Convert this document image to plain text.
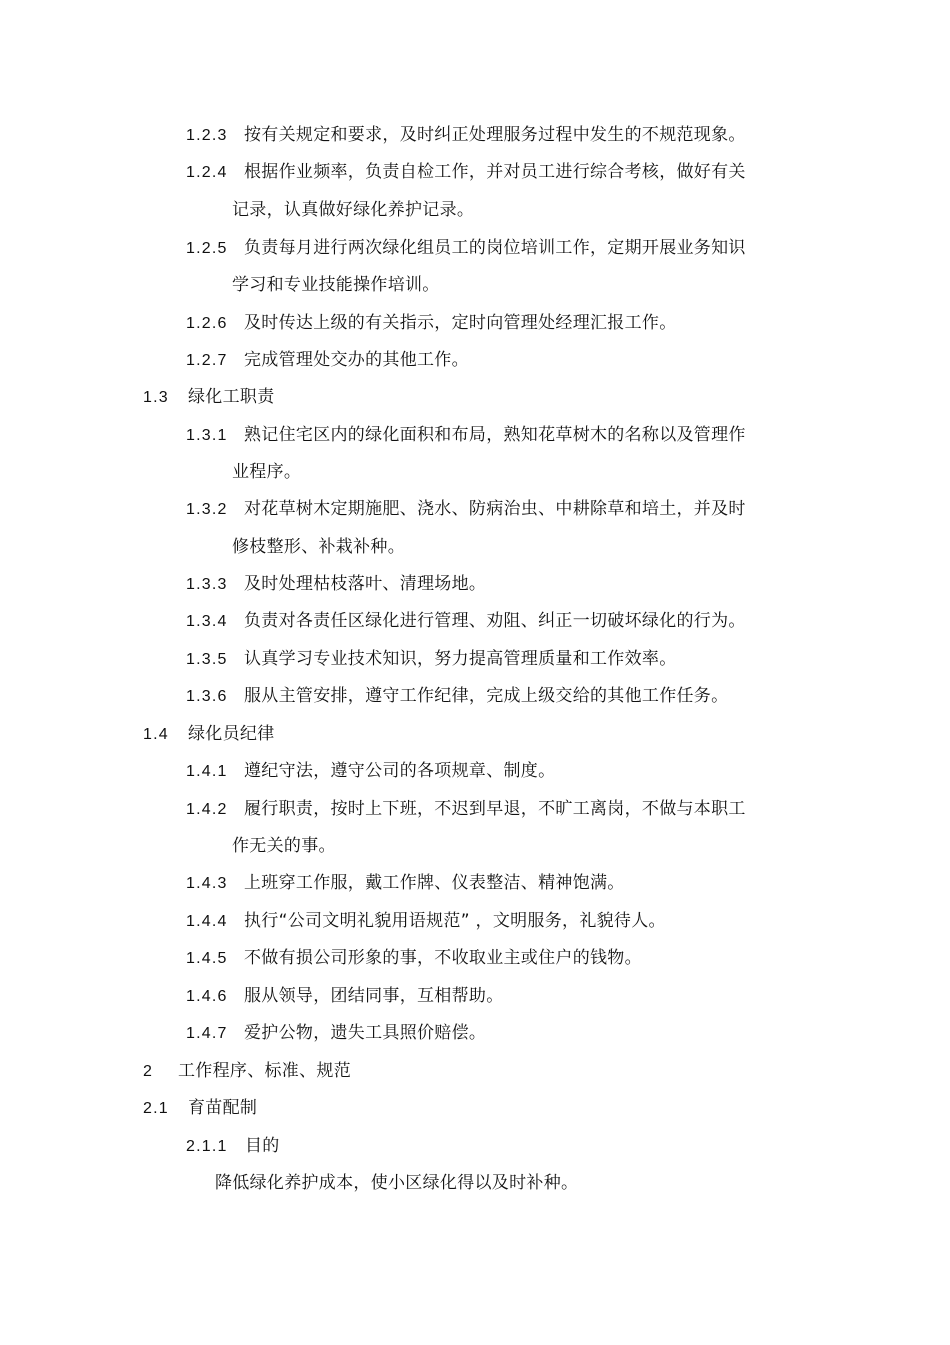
1.2.3 按有关规定和要求，及时纠正处理服务过程中发生的不规范现象。
1.2.4 根据作业频率，负责自检工作，并对员工进行综合考核，做好有关
记录，认真做好绿化养护记录。
1.2.5 负责每月进行两次绿化组员工的岗位培训工作，定期开展业务知识
学习和专业技能操作培训。
1.2.6 及时传达上级的有关指示，定时向管理处经理汇报工作。
1.2.7 完成管理处交办的其他工作。
1.3 绿化工职责
1.3.1 熟记住宅区内的绿化面积和布局，熟知花草树木的名称以及管理作
业程序。
1.3.2 对花草树木定期施肥、浇水、防病治虫、中耕除草和培土，并及时
修枝整形、补栽补种。
1.3.3 及时处理枯枝落叶、清理场地。
1.3.4 负责对各责任区绿化进行管理、劝阻、纠正一切破坏绿化的行为。
1.3.5 认真学习专业技术知识，努力提高管理质量和工作效率。
1.3.6 服从主管安排，遵守工作纪律，完成上级交给的其他工作任务。
1.4 绿化员纪律
1.4.1 遵纪守法，遵守公司的各项规章、制度。
1.4.2 履行职责，按时上下班，不迟到早退，不旷工离岗，不做与本职工
作无关的事。
1.4.3 上班穿工作服，戴工作牌、仪表整洁、精神饱满。
1.4.4 执行“公司文明礼貌用语规范” ，文明服务，礼貌待人。
1.4.5 不做有损公司形象的事，不收取业主或住户的钱物。
1.4.6 服从领导，团结同事，互相帮助。
1.4.7 爱护公物，遗失工具照价赔偿。
2 工作程序、标准、规范
2.1 育苗配制
2.1.1 目的
降低绿化养护成本，使小区绿化得以及时补种。
